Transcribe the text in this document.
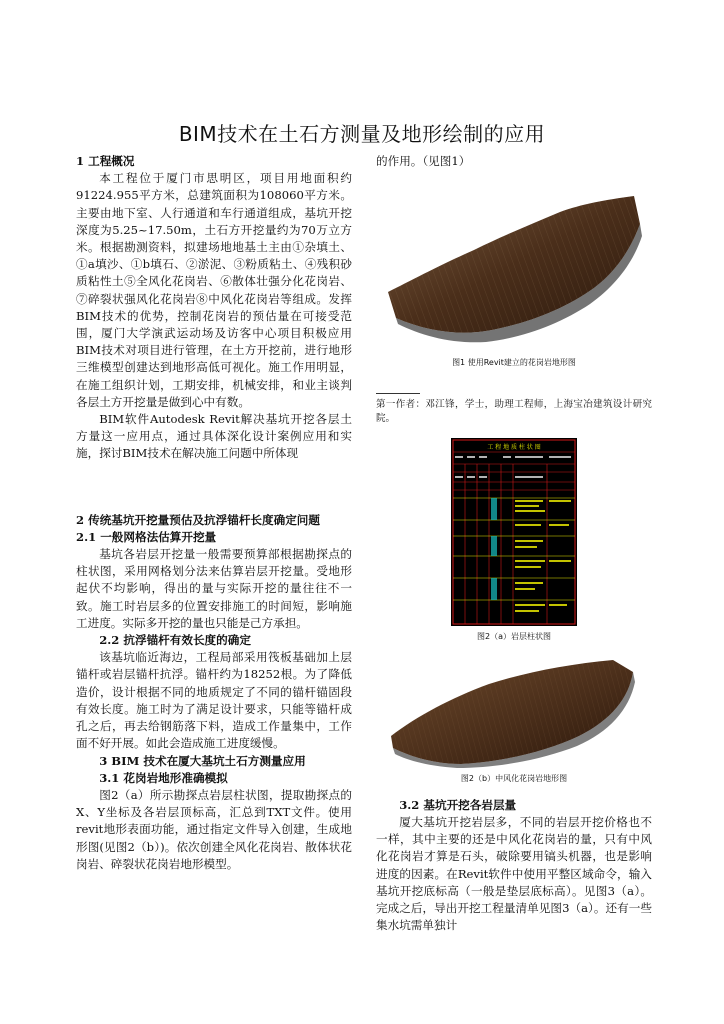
BIM技术在土石方测量及地形绘制的应用

1 工程概况

本工程位于厦门市思明区，项目用地面积约91224.955平方米，总建筑面积为108060平方米。主要由地下室、人行通道和车行通道组成，基坑开挖深度为5.25~17.50m，土石方开挖量约为70万立方米。根据勘测资料，拟建场地地基土主由①杂填土、①a填沙、①b填石、②淤泥、③粉质粘土、④残积砂质粘性土⑤全风化花岗岩、⑥散体壮强分化花岗岩、⑦碎裂状强风化花岗岩⑧中风化花岗岩等组成。发挥BIM技术的优势，控制花岗岩的预估量在可接受范围，厦门大学演武运动场及访客中心项目积极应用BIM技术对项目进行管理，在土方开挖前，进行地形三维模型创建达到地形高低可视化。施工作用明显，在施工组织计划，工期安排，机械安排，和业主谈判各层土方开挖量是做到心中有数。

BIM软件Autodesk Revit解决基坑开挖各层土方量这一应用点，通过具体深化设计案例应用和实施，探讨BIM技术在解决施工问题中所体现

2 传统基坑开挖量预估及抗浮锚杆长度确定问题

2.1 一般网格法估算开挖量

基坑各岩层开挖量一般需要预算部根据勘探点的柱状图，采用网格划分法来估算岩层开挖量。受地形起伏不均影响，得出的量与实际开挖的量往往不一致。施工时岩层多的位置安排施工的时间短，影响施工进度。实际多开挖的量也只能是己方承担。

2.2 抗浮锚杆有效长度的确定

该基坑临近海边，工程局部采用筏板基础加上层锚杆或岩层锚杆抗浮。锚杆约为18252根。为了降低造价，设计根据不同的地质规定了不同的锚杆锚固段有效长度。施工时为了满足设计要求，只能等锚杆成孔之后，再去给钢筋落下料，造成工作量集中，工作面不好开展。如此会造成施工进度缓慢。

3 BIM 技术在厦大基坑土石方测量应用

3.1 花岗岩地形准确模拟

图2（a）所示勘探点岩层柱状图，提取勘探点的X、Y坐标及各岩层顶标高，汇总到TXT文件。使用revit地形表面功能，通过指定文件导入创建，生成地形图(见图2（b）)。依次创建全风化花岗岩、散体状花岗岩、碎裂状花岗岩地形模型。

的作用。（见图1）

图1 使用Revit建立的花岗岩地形图

第一作者：邓江锋，学士，助理工程师，上海宝冶建筑设计研究院。

工 程 地 质 柱 状 图
图2（a）岩层柱状图
图2（b）中风化花岗岩地形图

3.2 基坑开挖各岩层量

厦大基坑开挖岩层多，不同的岩层开挖价格也不一样，其中主要的还是中风化花岗岩的量，只有中风化花岗岩才算是石头，破除要用镐头机器，也是影响进度的因素。在Revit软件中使用平整区域命令，输入基坑开挖底标高（一般是垫层底标高）。见图3（a）。完成之后，导出开挖工程量清单见图3（a）。还有一些集水坑需单独计
